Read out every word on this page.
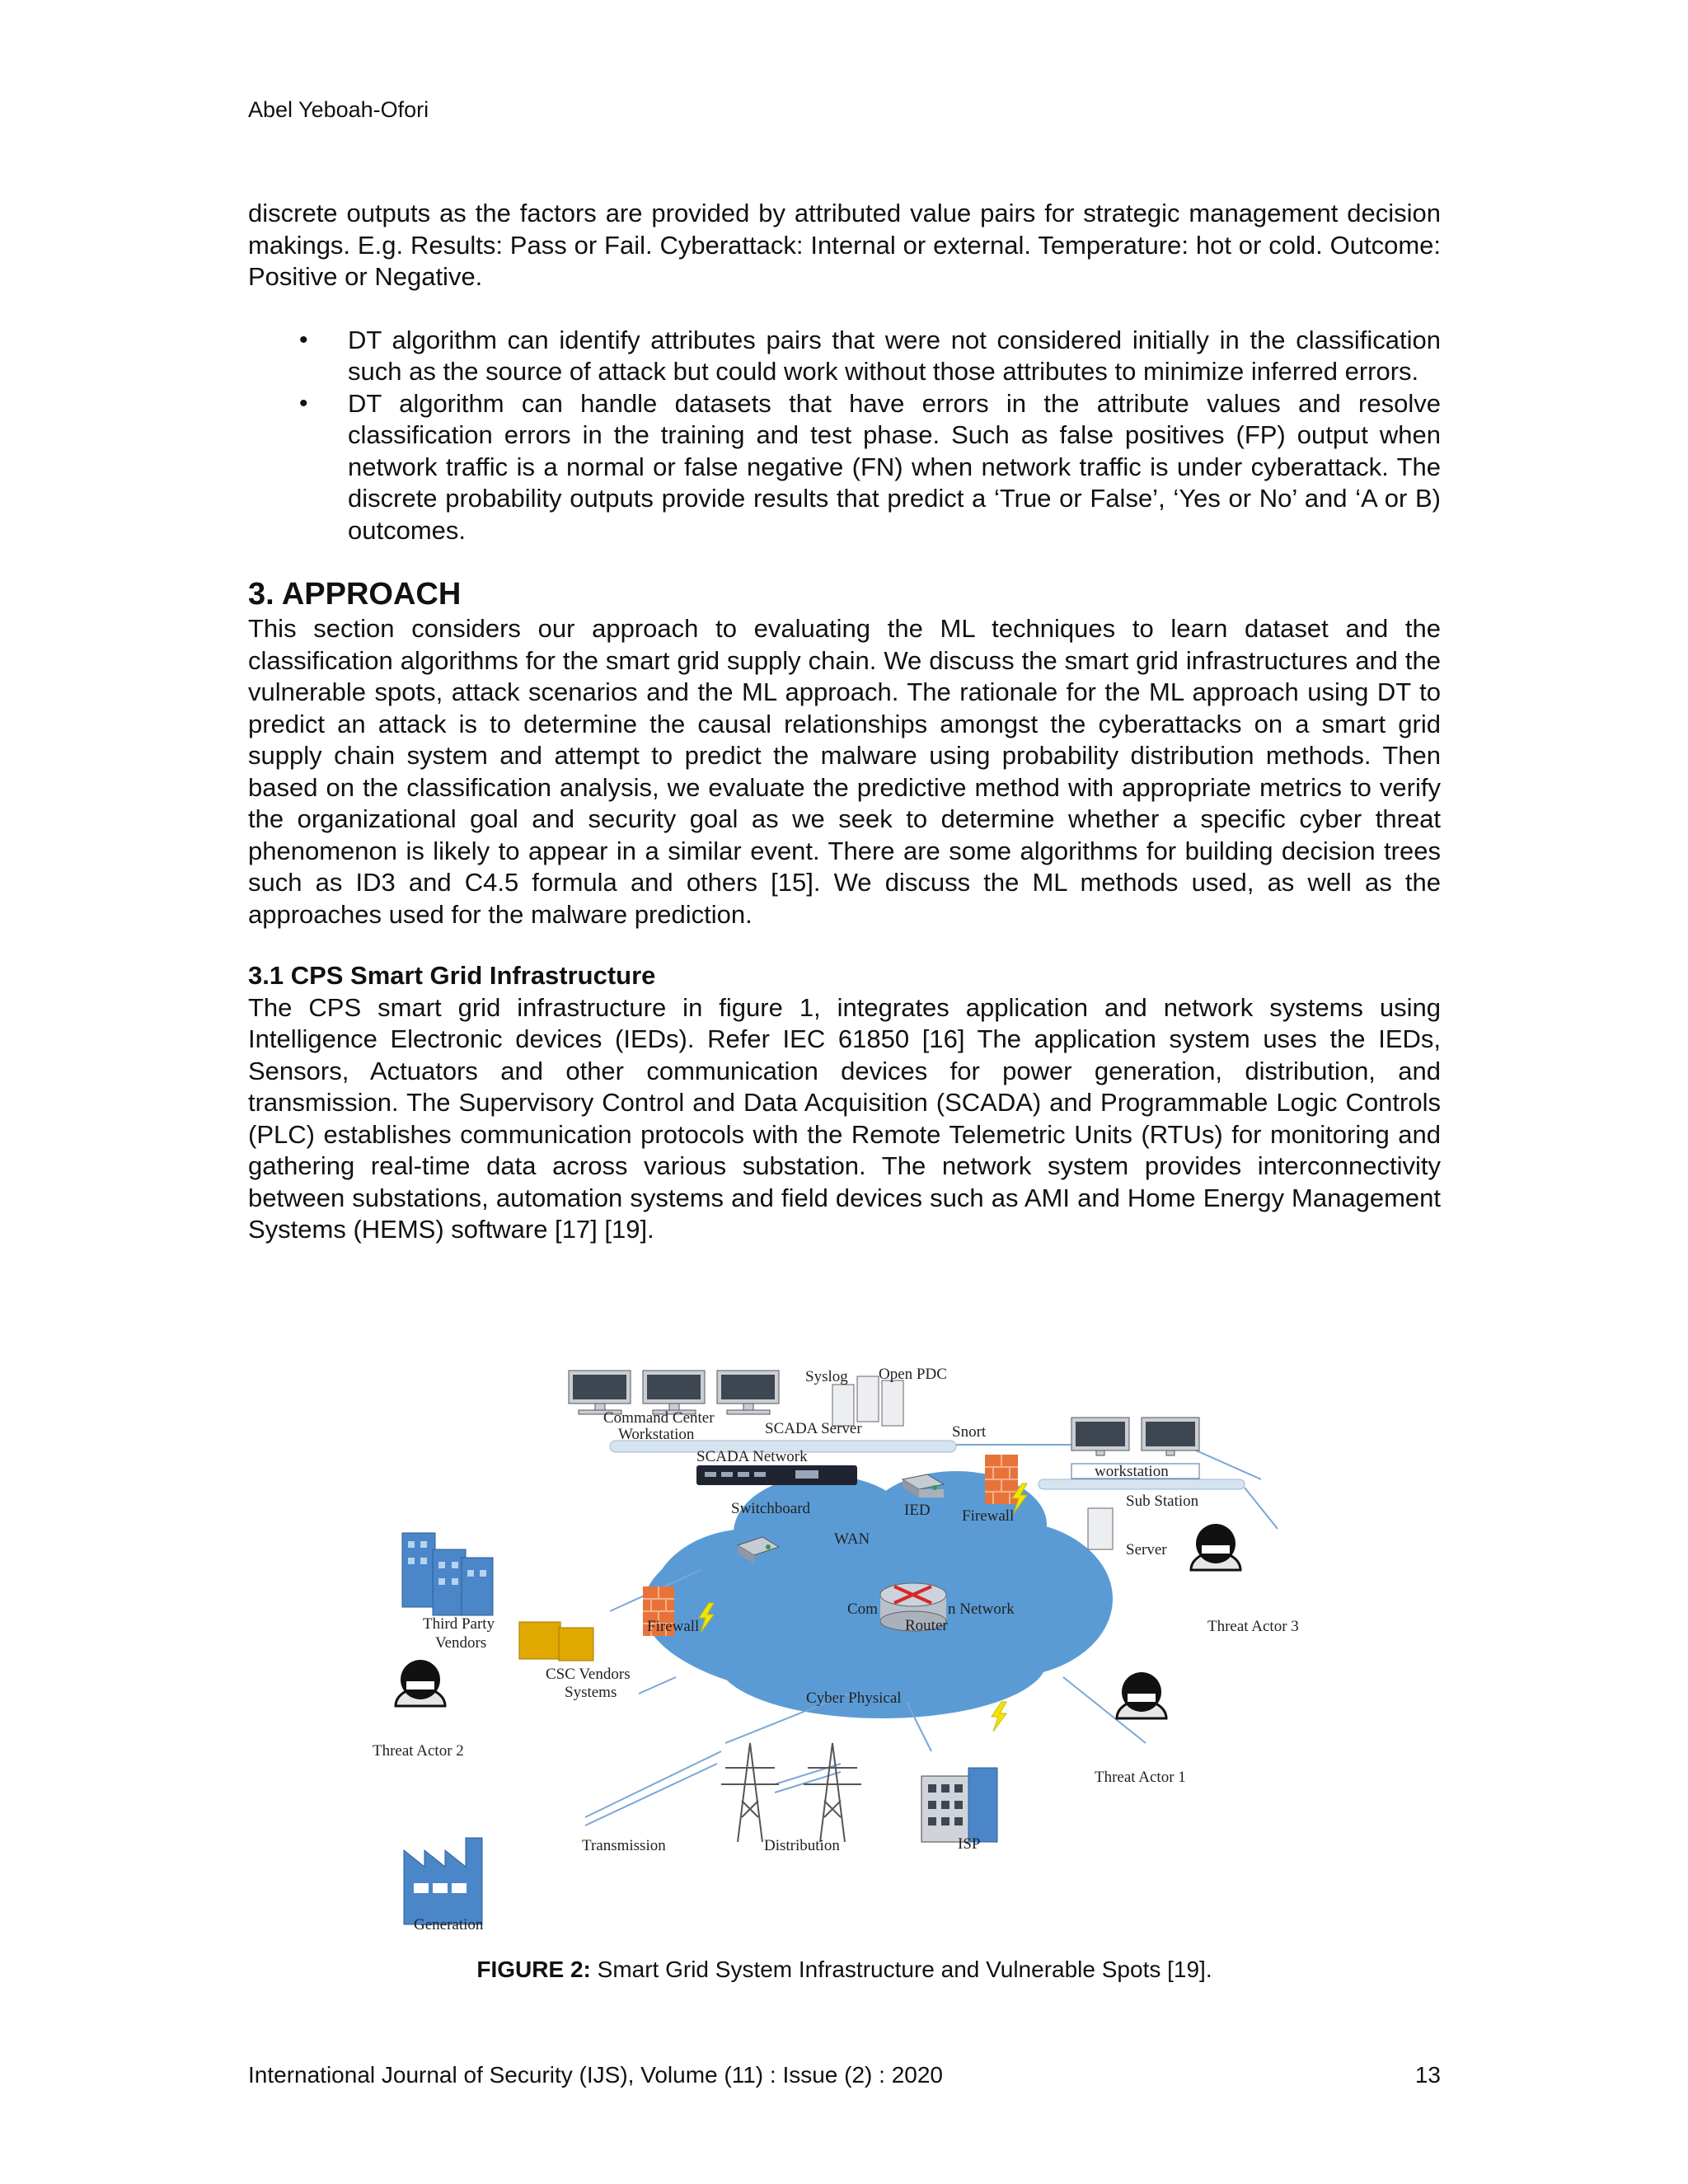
Abel Yeboah-Ofori

discrete outputs as the factors are provided by attributed value pairs for strategic management decision makings. E.g. Results: Pass or Fail. Cyberattack: Internal or external. Temperature: hot or cold. Outcome: Positive or Negative.

• DT algorithm can identify attributes pairs that were not considered initially in the classification such as the source of attack but could work without those attributes to minimize inferred errors.
• DT algorithm can handle datasets that have errors in the attribute values and resolve classification errors in the training and test phase. Such as false positives (FP) output when network traffic is a normal or false negative (FN) when network traffic is under cyberattack. The discrete probability outputs provide results that predict a ‘True or False’, ‘Yes or No’ and ‘A or B) outcomes.
3. APPROACH

This section considers our approach to evaluating the ML techniques to learn dataset and the classification algorithms for the smart grid supply chain. We discuss the smart grid infrastructures and the vulnerable spots, attack scenarios and the ML approach. The rationale for the ML approach using DT to predict an attack is to determine the causal relationships amongst the cyberattacks on a smart grid supply chain system and attempt to predict the malware using probability distribution methods. Then based on the classification analysis, we evaluate the predictive method with appropriate metrics to verify the organizational goal and security goal as we seek to determine whether a specific cyber threat phenomenon is likely to appear in a similar event. There are some algorithms for building decision trees such as ID3 and C4.5 formula and others [15]. We discuss the ML methods used, as well as the approaches used for the malware prediction.

3.1 CPS Smart Grid Infrastructure

The CPS smart grid infrastructure in figure 1, integrates application and network systems using Intelligence Electronic devices (IEDs). Refer IEC 61850 [16] The application system uses the IEDs, Sensors, Actuators and other communication devices for power generation, distribution, and transmission. The Supervisory Control and Data Acquisition (SCADA) and Programmable Logic Controls (PLC) establishes communication protocols with the Remote Telemetric Units (RTUs) for monitoring and gathering real-time data across various substation. The network system provides interconnectivity between substations, automation systems and field devices such as AMI and Home Energy Management Systems (HEMS) software [17] [19].

Syslog Open PDC
Command Center
Workstation	SCADA Server	Snort
SCADA Network
workstation
Sub Station
Switchboard	IED Firewall
WAN
Server
Com	n Network
Router
Third Party
Vendors
Firewall
CSC Vendors
Systems
Threat Actor 3
Cyber Physical
Threat Actor 2
Threat Actor 1
Transmission	Distribution	ISP
Generation
FIGURE 2: Smart Grid System Infrastructure and Vulnerable Spots [19].
International Journal of Security (IJS), Volume (11) : Issue (2) : 2020	13
